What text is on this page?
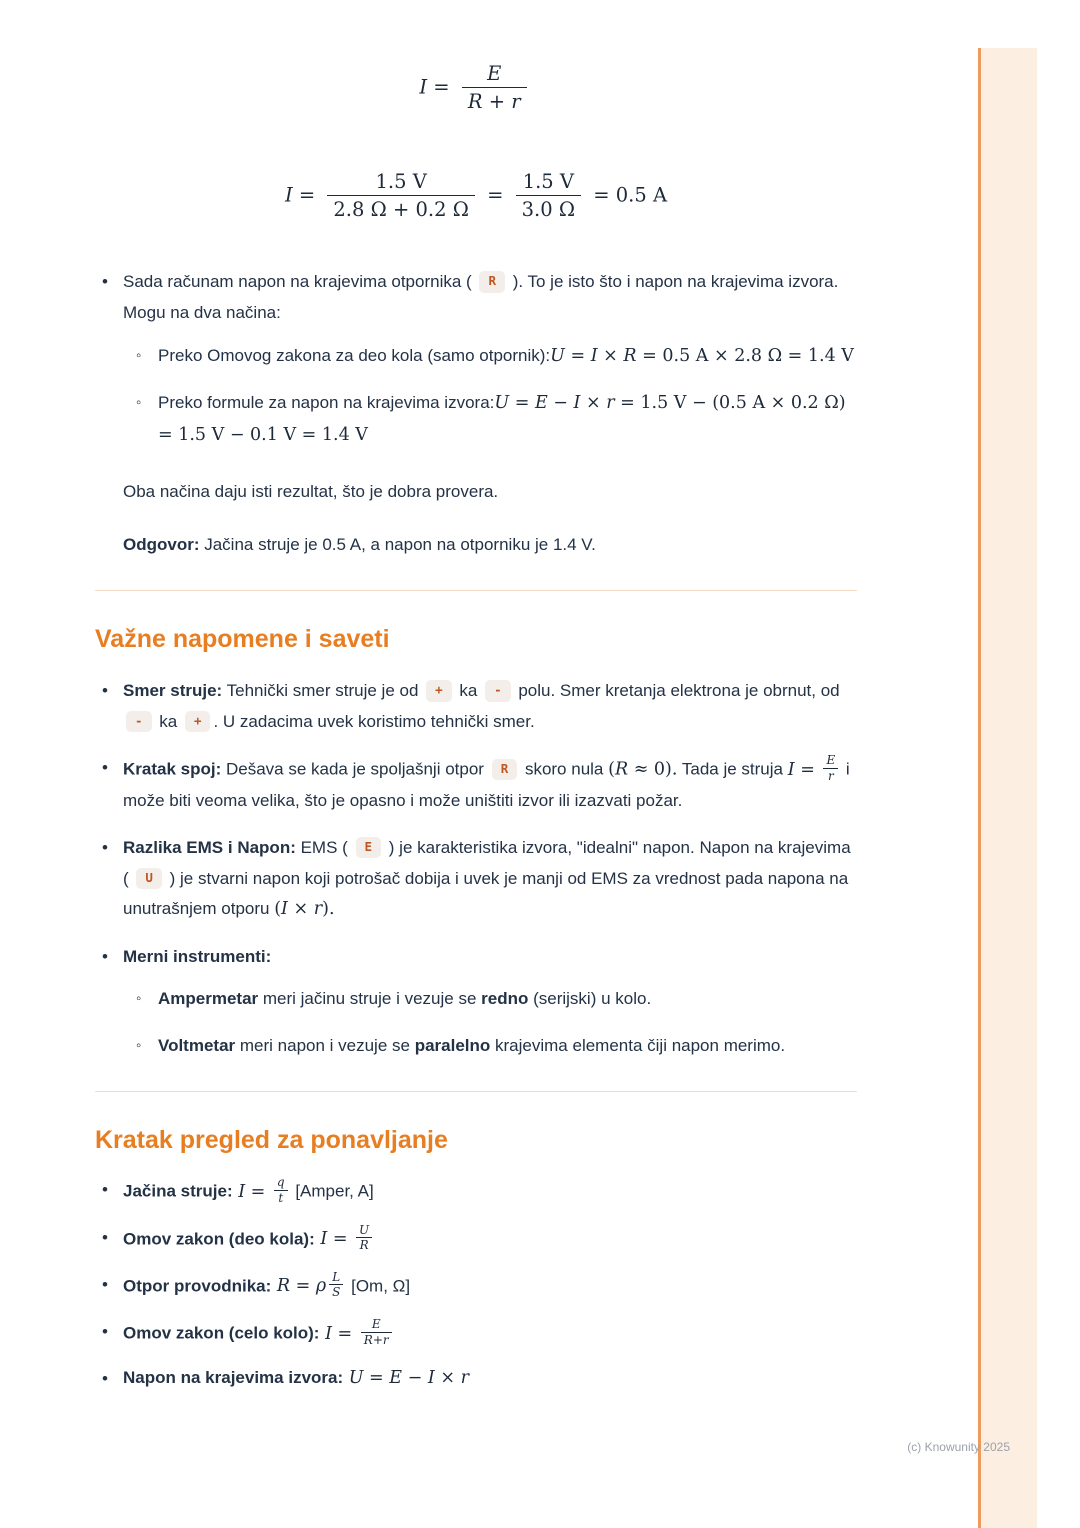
$I = \frac{E}{R + r}$
$I = \frac{1.5 V}{2.8 \Omega + 0.2 \Omega} = \frac{1.5 V}{3.0 \Omega} = 0.5$ A
• Sada računam napon na krajevima otpornika ( R ). To je isto što i napon na krajevima izvora. Mogu na dva načina:
◦ Preko Omovog zakona za deo kola (samo otpornik):U = I × R = 0.5 A × 2.8 Ω = 1.4 V
◦ Preko formule za napon na krajevima izvora:U = E − I × r = 1.5 V − (0.5 A × 0.2 Ω) = 1.5 V − 0.1 V = 1.4 V

Oba načina daju isti rezultat, što je dobra provera.

Odgovor: Jačina struje je 0.5 A, a napon na otporniku je 1.4 V.

Važne napomene i saveti
• Smer struje: Tehnički smer struje je od + ka - polu. Smer kretanja elektrona je obrnut, od - ka + . U zadacima uvek koristimo tehnički smer.
• Kratak spoj: Dešava se kada je spoljašnji otpor R skoro nula (R ≈ 0). Tada je struja $I = \frac{E}{r}$ i može biti veoma velika, što je opasno i može uništiti izvor ili izazvati požar.
• Razlika EMS i Napon: EMS ( E ) je karakteristika izvora, "idealni" napon. Napon na krajevima ( U ) je stvarni napon koji potrošač dobija i uvek je manji od EMS za vrednost pada napona na unutrašnjem otporu (I × r).
• Merni instrumenti:
◦ Ampermetar meri jačinu struje i vezuje se redno (serijski) u kolo.
◦ Voltmetar meri napon i vezuje se paralelno krajevima elementa čiji napon merimo.
Kratak pregled za ponavljanje
• Jačina struje: $I = \frac{q}{t}$ [Amper, A]
• Omov zakon (deo kola): $I = \frac{U}{R}$
• Otpor provodnika: R = ρ $\frac{L}{S} [Om$, Ω]
• Omov zakon (celo kolo): $I = \frac{E}{R+r}$
• Napon na krajevima izvora: U = E − I × r
(c) Knowunity 2025
